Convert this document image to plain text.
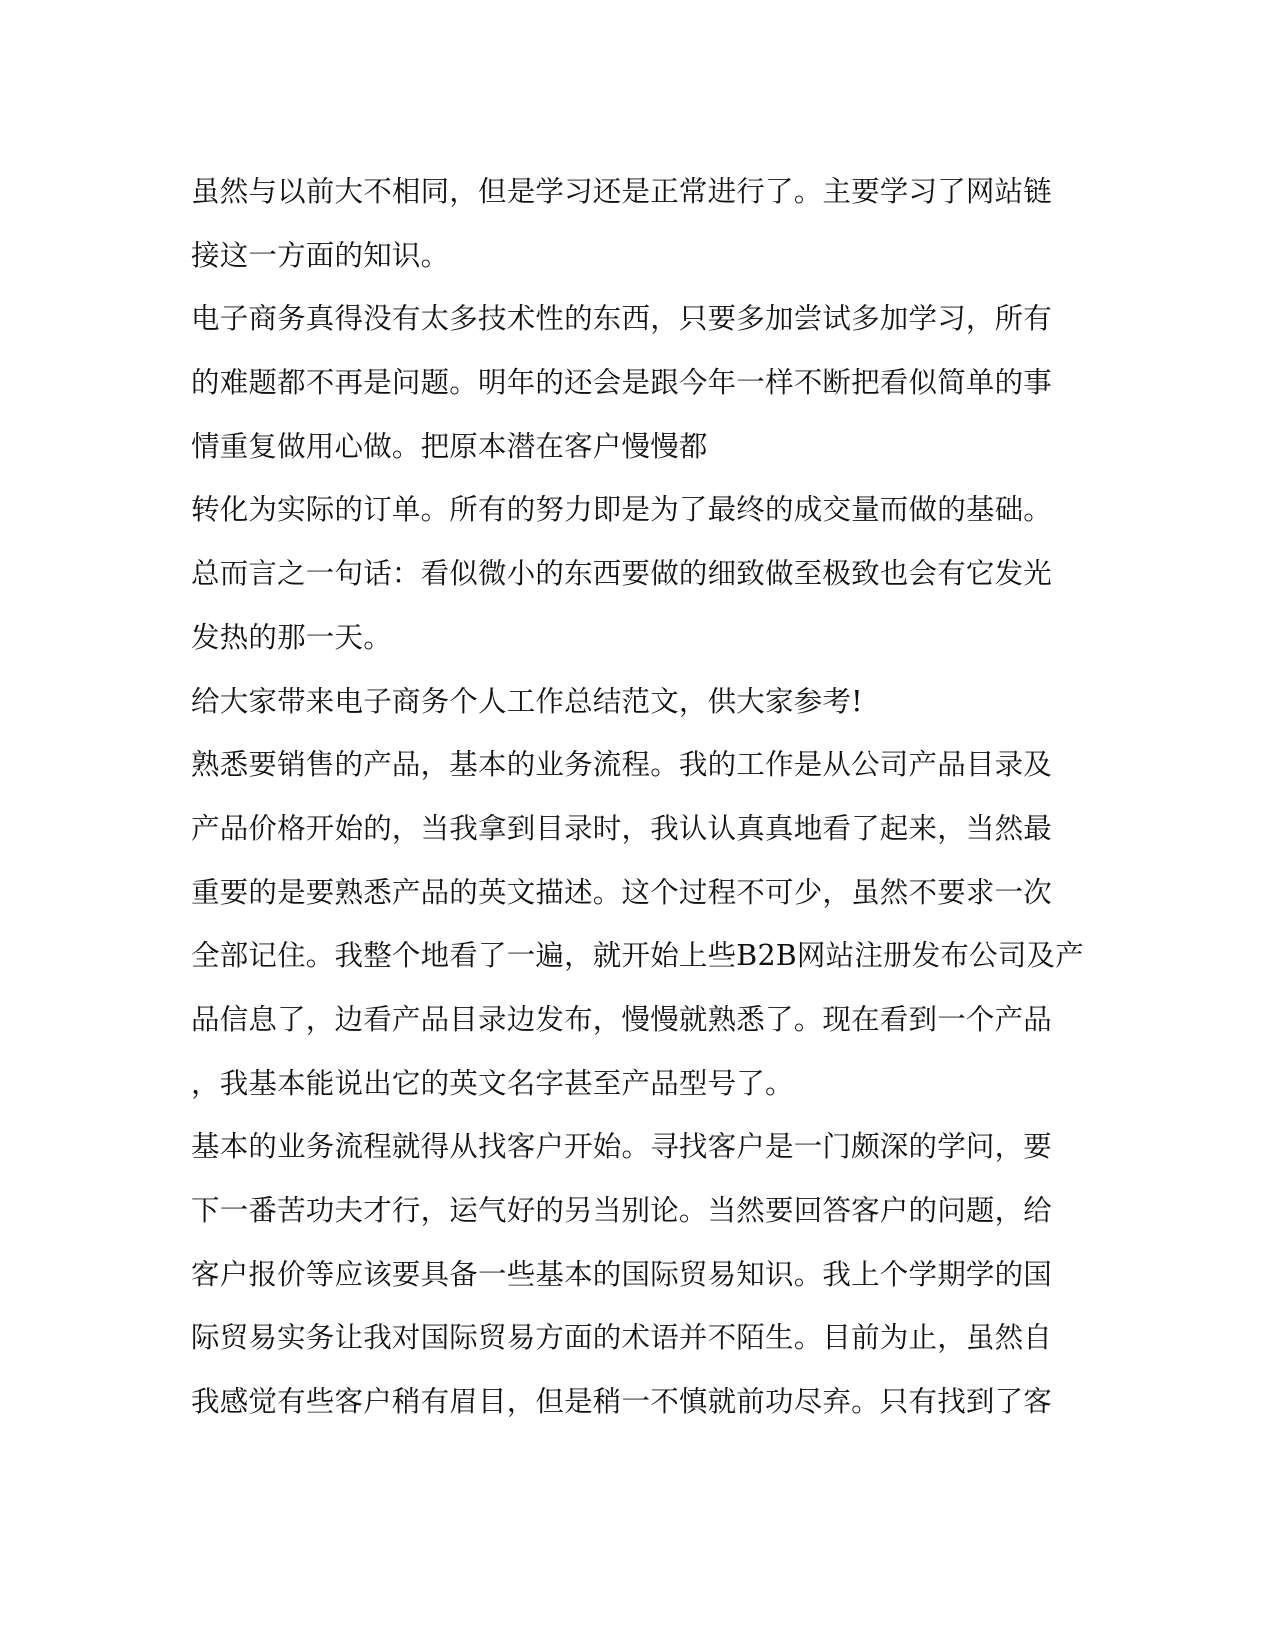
虽然与以前大不相同，但是学习还是正常进行了。主要学习了网站链
接这一方面的知识。
电子商务真得没有太多技术性的东西，只要多加尝试多加学习，所有
的难题都不再是问题。明年的还会是跟今年一样不断把看似简单的事
情重复做用心做。把原本潜在客户慢慢都
转化为实际的订单。所有的努力即是为了最终的成交量而做的基础。
总而言之一句话：看似微小的东西要做的细致做至极致也会有它发光
发热的那一天。
给大家带来电子商务个人工作总结范文，供大家参考!
熟悉要销售的产品，基本的业务流程。我的工作是从公司产品目录及
产品价格开始的，当我拿到目录时，我认认真真地看了起来，当然最
重要的是要熟悉产品的英文描述。这个过程不可少，虽然不要求一次
全部记住。我整个地看了一遍，就开始上些B2B网站注册发布公司及产
品信息了，边看产品目录边发布，慢慢就熟悉了。现在看到一个产品
，我基本能说出它的英文名字甚至产品型号了。
基本的业务流程就得从找客户开始。寻找客户是一门颇深的学问，要
下一番苦功夫才行，运气好的另当别论。当然要回答客户的问题，给
客户报价等应该要具备一些基本的国际贸易知识。我上个学期学的国
际贸易实务让我对国际贸易方面的术语并不陌生。目前为止，虽然自
我感觉有些客户稍有眉目，但是稍一不慎就前功尽弃。只有找到了客
